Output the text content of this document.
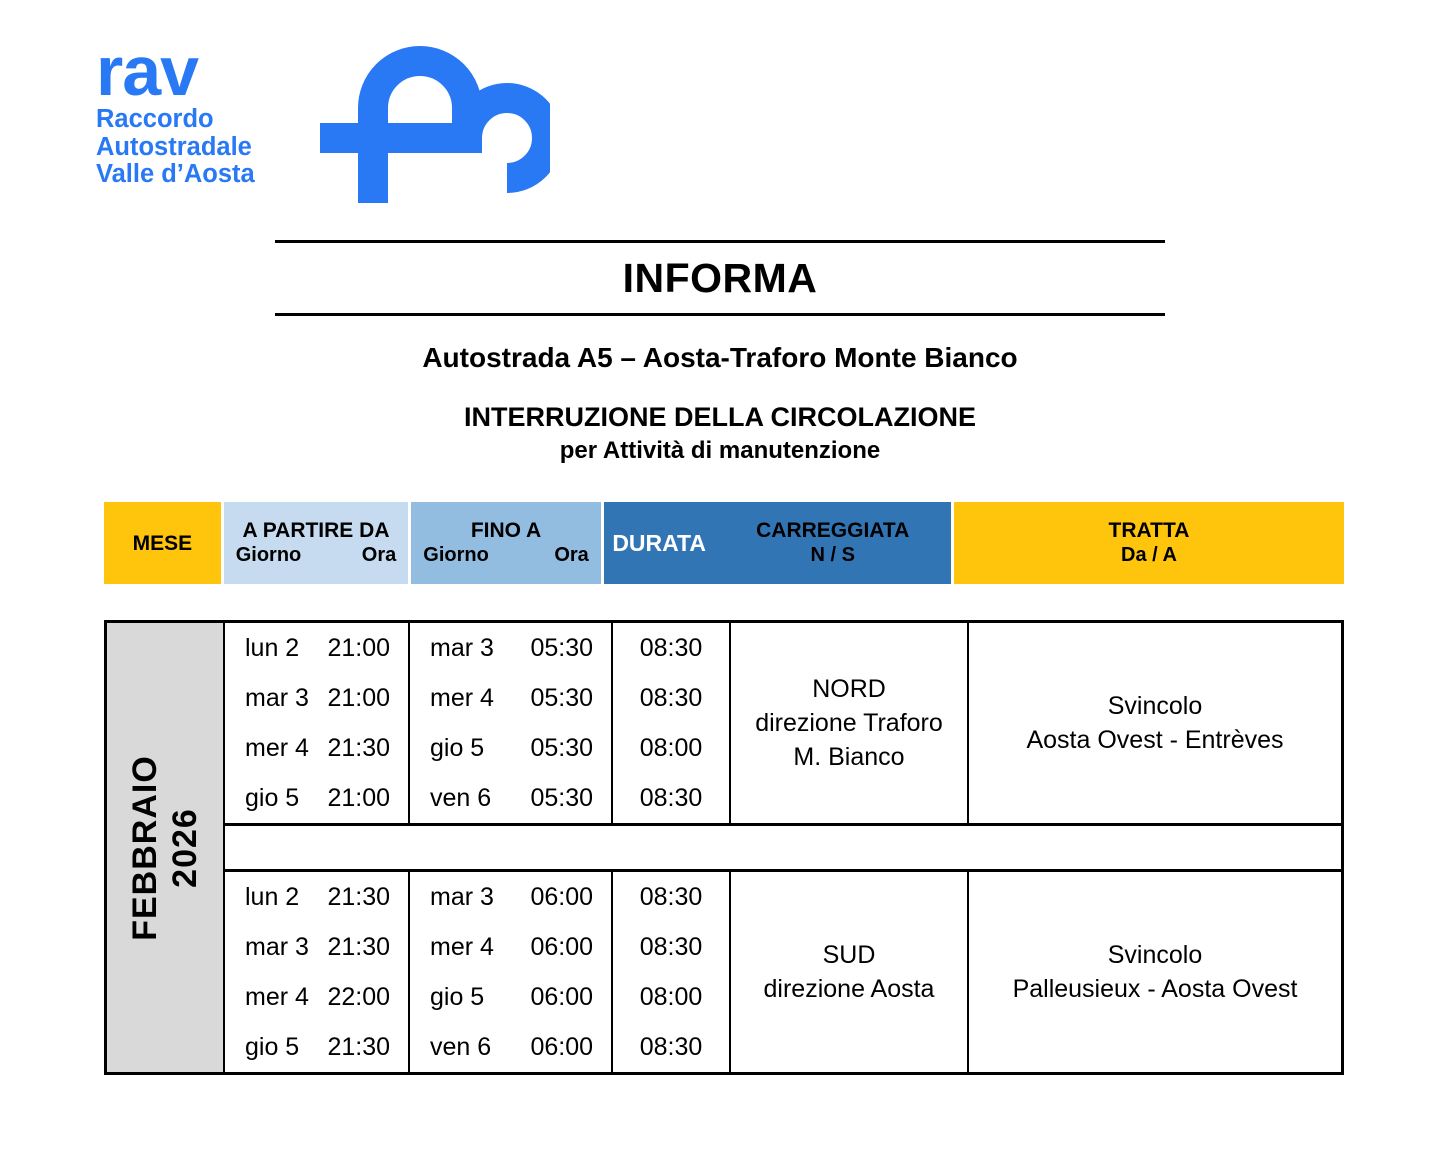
rav
Raccordo
Autostradale
Valle d’Aosta
INFORMA
Autostrada A5 – Aosta-Traforo Monte Bianco
INTERRUZIONE DELLA CIRCOLAZIONE
per Attività di manutenzione
MESE
A PARTIRE DA
Giorno	Ora
FINO A
Giorno	Ora DURATA CARREGGIATA
N / S
TRATTA
Da / A
FEBBRAIO 2026
lun 2 21:00
mar 3 21:00
mer 4 21:30
gio 5 21:00
mar 3 05:30
mer 4 05:30
gio 5 05:30
ven 6 05:30
08:30
08:30
08:00
08:30
NORD
direzione Traforo
M. Bianco
Svincolo
Aosta Ovest - Entrèves
lun 2 21:30
mar 3 21:30
mer 4 22:00
gio 5 21:30
mar 3 06:00
mer 4 06:00
gio 5 06:00
ven 6 06:00
08:30
08:30
08:00
08:30
SUD
direzione Aosta
Svincolo
Palleusieux - Aosta Ovest
